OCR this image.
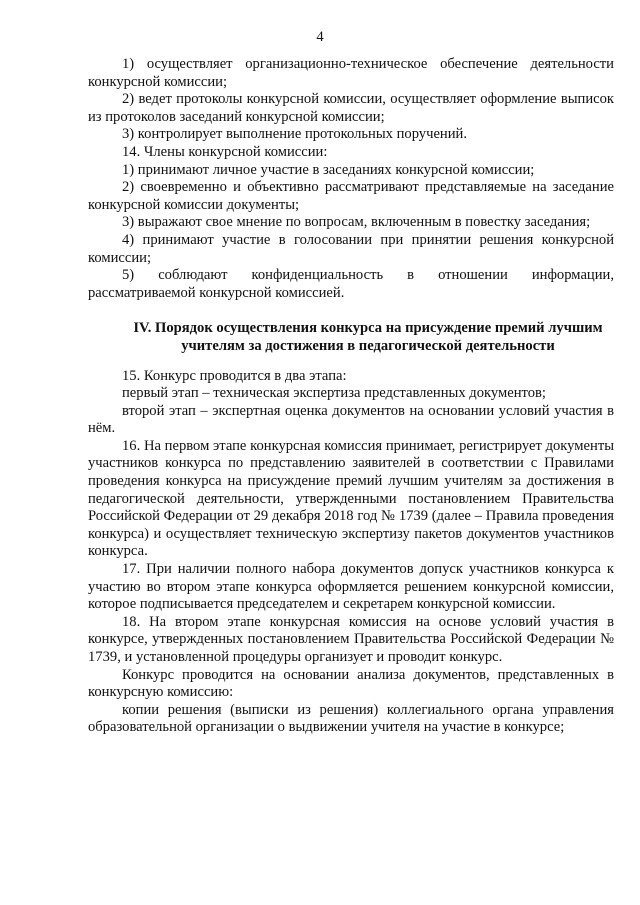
4

1) осуществляет организационно-техническое обеспечение деятельности конкурсной комиссии;

2) ведет протоколы конкурсной комиссии, осуществляет оформление выписок из протоколов заседаний конкурсной комиссии;

3) контролирует выполнение протокольных поручений.

14. Члены конкурсной комиссии:

1) принимают личное участие в заседаниях конкурсной комиссии;

2) своевременно и объективно рассматривают представляемые на заседание конкурсной комиссии документы;

3) выражают свое мнение по вопросам, включенным в повестку заседания;

4) принимают участие в голосовании при принятии решения конкурсной комиссии;

5) соблюдают конфиденциальность в отношении информации, рассматриваемой конкурсной комиссией.

IV. Порядок осуществления конкурса на присуждение премий лучшим учителям за достижения в педагогической деятельности

15. Конкурс проводится в два этапа:

первый этап – техническая экспертиза представленных документов;

второй этап – экспертная оценка документов на основании условий участия в нём.

16. На первом этапе конкурсная комиссия принимает, регистрирует документы участников конкурса по представлению заявителей в соответствии с Правилами проведения конкурса на присуждение премий лучшим учителям за достижения в педагогической деятельности, утвержденными постановлением Правительства Российской Федерации от 29 декабря 2018 год № 1739 (далее – Правила проведения конкурса) и осуществляет техническую экспертизу пакетов документов участников конкурса.

17. При наличии полного набора документов допуск участников конкурса к участию во втором этапе конкурса оформляется решением конкурсной комиссии, которое подписывается председателем и секретарем конкурсной комиссии.

18. На втором этапе конкурсная комиссия на основе условий участия в конкурсе, утвержденных постановлением Правительства Российской Федерации № 1739, и установленной процедуры организует и проводит конкурс.

Конкурс проводится на основании анализа документов, представленных в конкурсную комиссию:

копии решения (выписки из решения) коллегиального органа управления образовательной организации о выдвижении учителя на участие в конкурсе;
